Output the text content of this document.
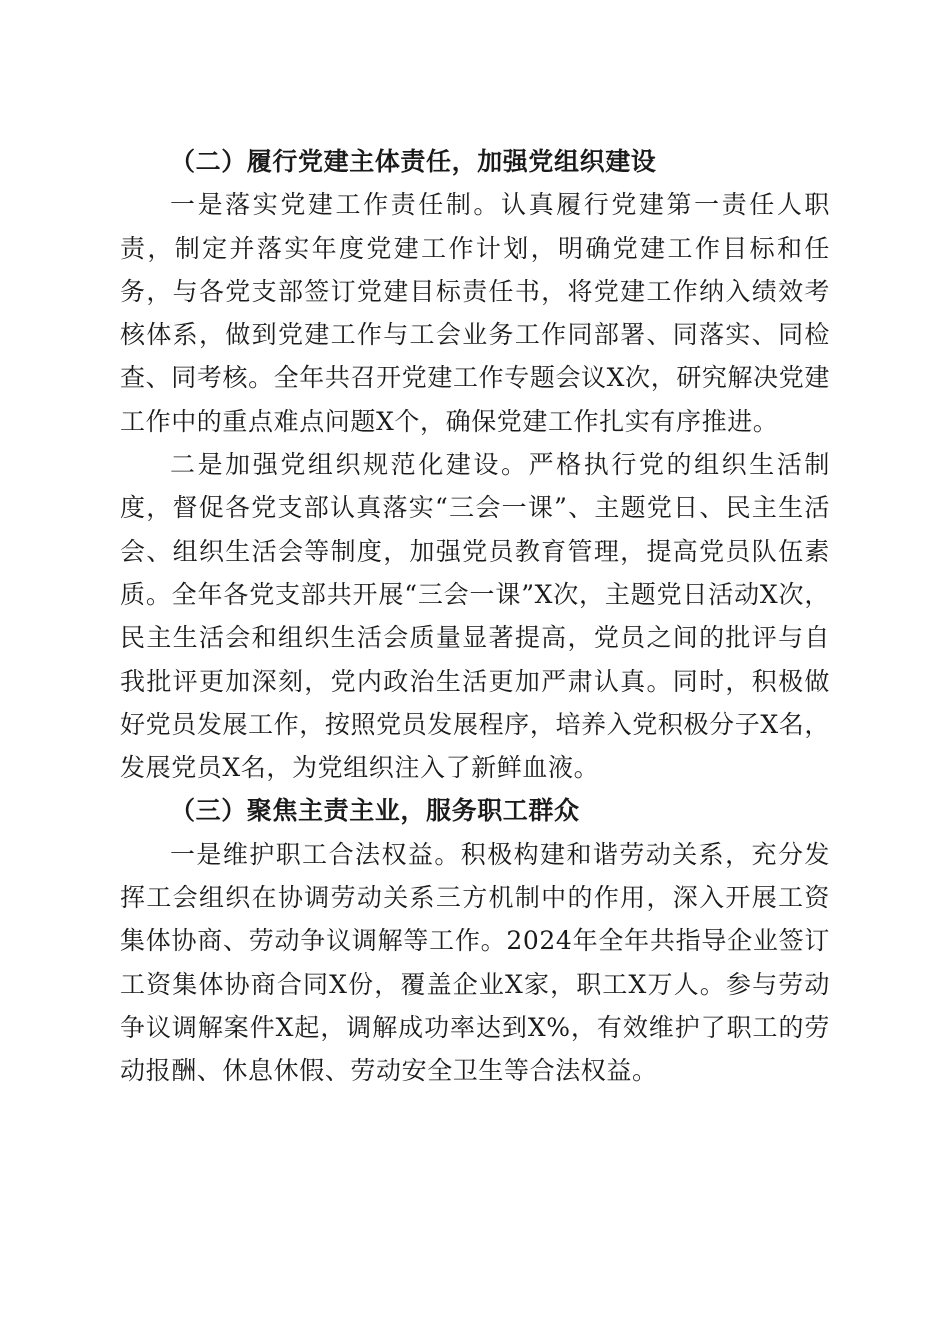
（二）履行党建主体责任，加强党组织建设

一是落实党建工作责任制。认真履行党建第一责任人职责，制定并落实年度党建工作计划，明确党建工作目标和任务，与各党支部签订党建目标责任书，将党建工作纳入绩效考核体系，做到党建工作与工会业务工作同部署、同落实、同检查、同考核。全年共召开党建工作专题会议X次，研究解决党建工作中的重点难点问题X个，确保党建工作扎实有序推进。

二是加强党组织规范化建设。严格执行党的组织生活制度，督促各党支部认真落实“三会一课”、主题党日、民主生活会、组织生活会等制度，加强党员教育管理，提高党员队伍素质。全年各党支部共开展“三会一课”X次，主题党日活动X次，民主生活会和组织生活会质量显著提高，党员之间的批评与自我批评更加深刻，党内政治生活更加严肃认真。同时，积极做好党员发展工作，按照党员发展程序，培养入党积极分子X名，发展党员X名，为党组织注入了新鲜血液。

（三）聚焦主责主业，服务职工群众

一是维护职工合法权益。积极构建和谐劳动关系，充分发挥工会组织在协调劳动关系三方机制中的作用，深入开展工资集体协商、劳动争议调解等工作。2024年全年共指导企业签订工资集体协商合同X份，覆盖企业X家，职工X万人。参与劳动争议调解案件X起，调解成功率达到X%，有效维护了职工的劳动报酬、休息休假、劳动安全卫生等合法权益。
